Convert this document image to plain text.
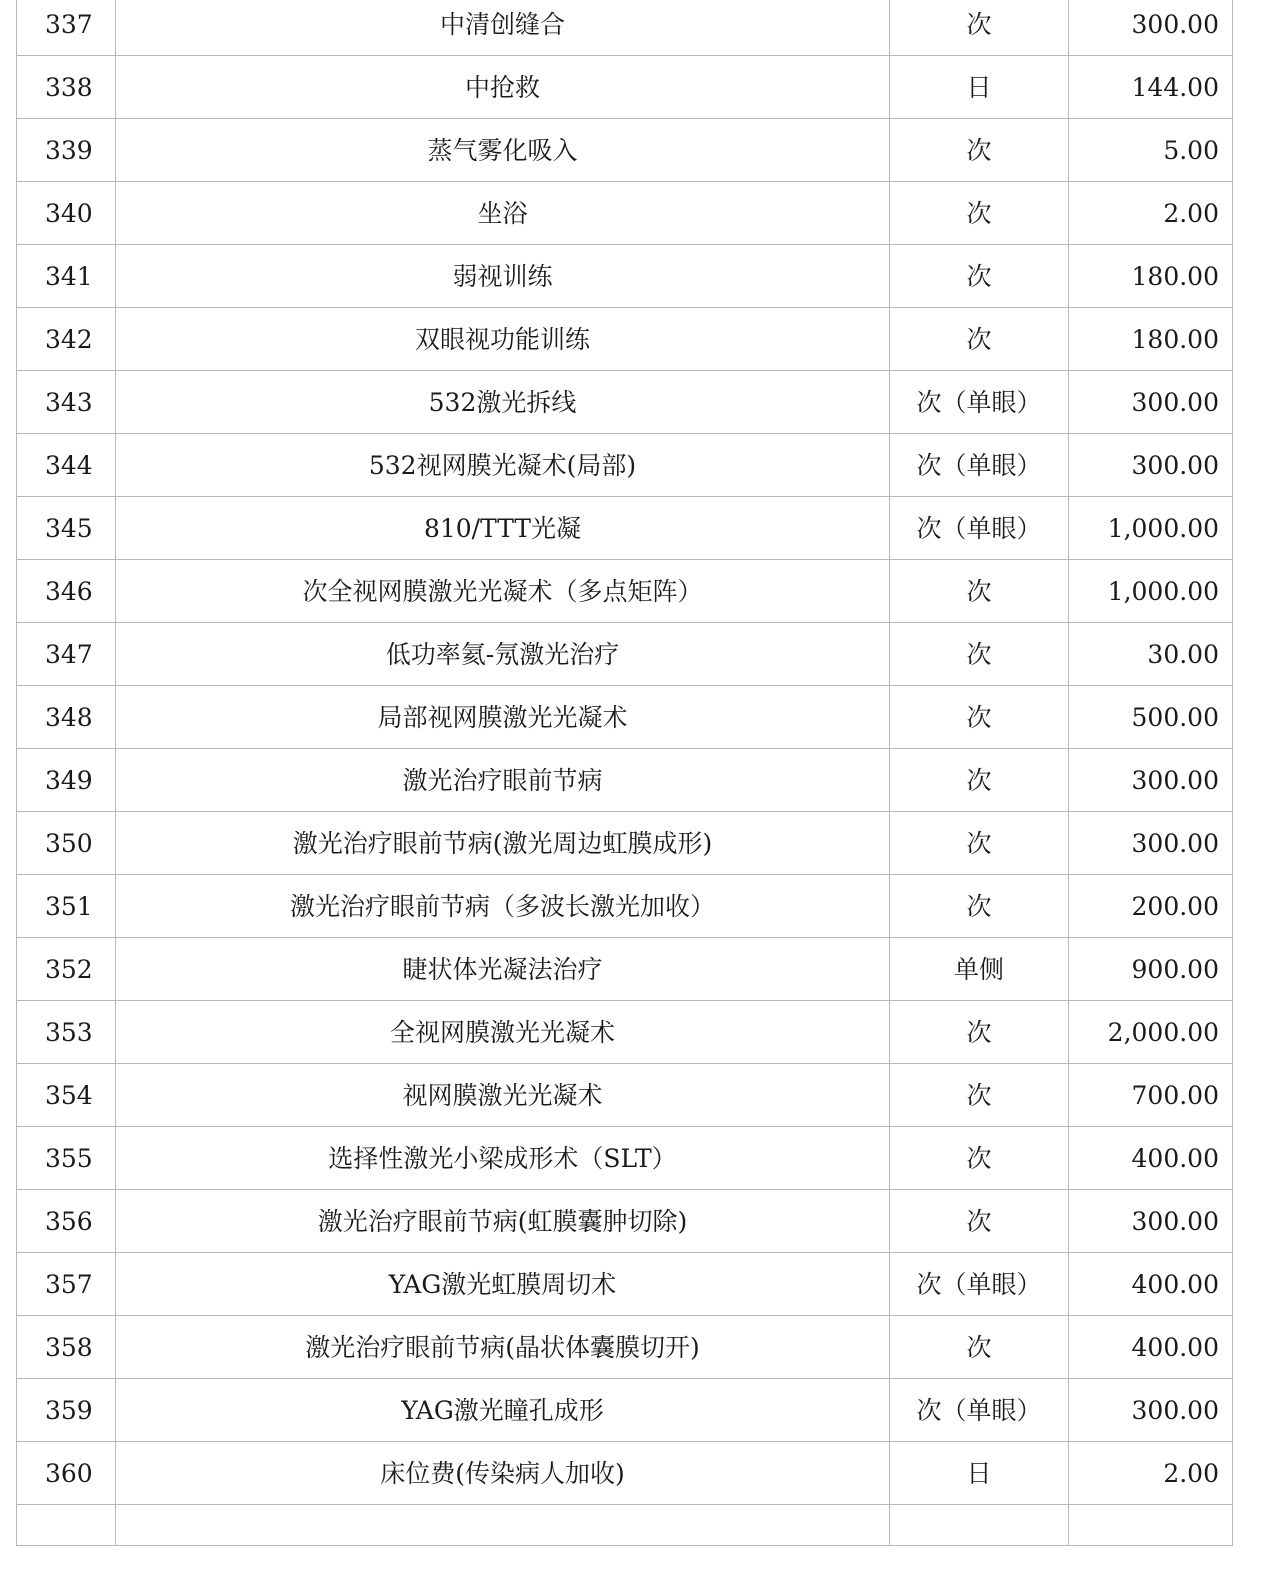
337	中清创缝合	次	300.00
338	中抢救	日	144.00
339	蒸气雾化吸入	次	5.00
340	坐浴	次	2.00
341	弱视训练	次	180.00
342	双眼视功能训练	次	180.00
343	532激光拆线	次（单眼）	300.00
344	532视网膜光凝术(局部)	次（单眼）	300.00
345	810/TTT光凝	次（单眼）	1,000.00
346	次全视网膜激光光凝术（多点矩阵）	次	1,000.00
347	低功率氦-氖激光治疗	次	30.00
348	局部视网膜激光光凝术	次	500.00
349	激光治疗眼前节病	次	300.00
350	激光治疗眼前节病(激光周边虹膜成形)	次	300.00
351	激光治疗眼前节病（多波长激光加收）	次	200.00
352	睫状体光凝法治疗	单侧	900.00
353	全视网膜激光光凝术	次	2,000.00
354	视网膜激光光凝术	次	700.00
355	选择性激光小梁成形术（SLT）	次	400.00
356	激光治疗眼前节病(虹膜囊肿切除)	次	300.00
357	YAG激光虹膜周切术	次（单眼）	400.00
358	激光治疗眼前节病(晶状体囊膜切开)	次	400.00
359	YAG激光瞳孔成形	次（单眼）	300.00
360	床位费(传染病人加收)	日	2.00
